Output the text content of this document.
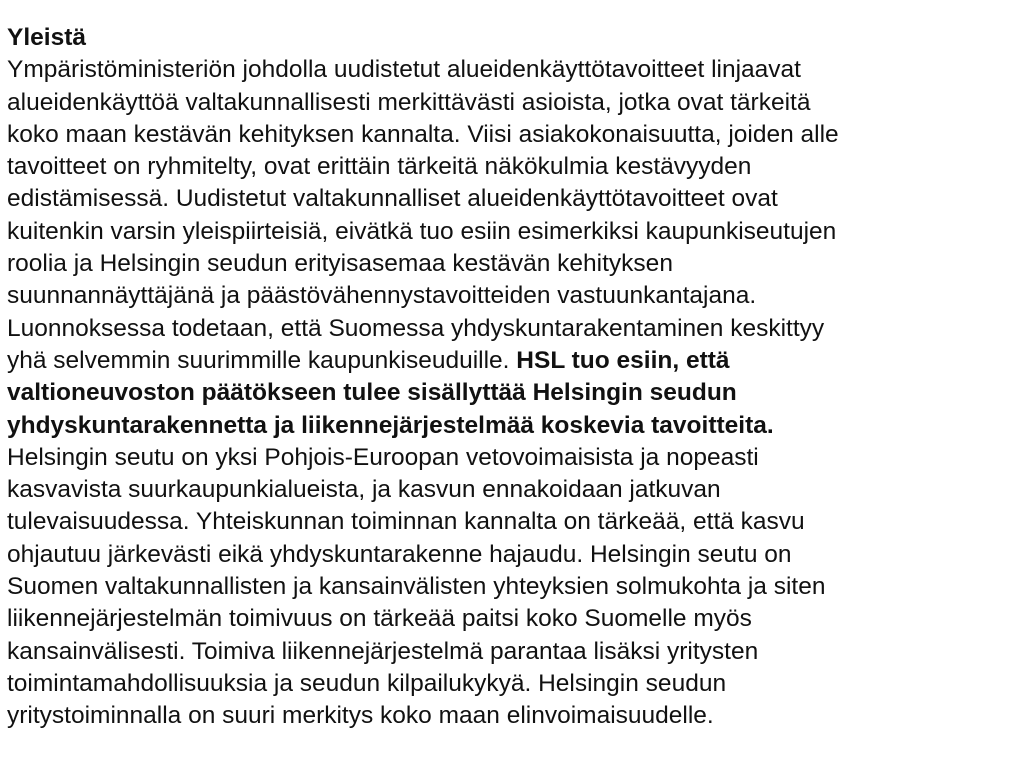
Yleistä
Ympäristöministeriön johdolla uudistetut alueidenkäyttötavoitteet linjaavat
alueidenkäyttöä valtakunnallisesti merkittävästi asioista, jotka ovat tärkeitä
koko maan kestävän kehityksen kannalta. Viisi asiakokonaisuutta, joiden alle
tavoitteet on ryhmitelty, ovat erittäin tärkeitä näkökulmia kestävyyden
edistämisessä. Uudistetut valtakunnalliset alueidenkäyttötavoitteet ovat
kuitenkin varsin yleispiirteisiä, eivätkä tuo esiin esimerkiksi kaupunkiseutujen
roolia ja Helsingin seudun erityisasemaa kestävän kehityksen
suunnannäyttäjänä ja päästövähennystavoitteiden vastuunkantajana.
Luonnoksessa todetaan, että Suomessa yhdyskuntarakentaminen keskittyy
yhä selvemmin suurimmille kaupunkiseuduille. HSL tuo esiin, että
valtioneuvoston päätökseen tulee sisällyttää Helsingin seudun
yhdyskuntarakennetta ja liikennejärjestelmää koskevia tavoitteita.
Helsingin seutu on yksi Pohjois-Euroopan vetovoimaisista ja nopeasti
kasvavista suurkaupunkialueista, ja kasvun ennakoidaan jatkuvan
tulevaisuudessa. Yhteiskunnan toiminnan kannalta on tärkeää, että kasvu
ohjautuu järkevästi eikä yhdyskuntarakenne hajaudu. Helsingin seutu on
Suomen valtakunnallisten ja kansainvälisten yhteyksien solmukohta ja siten
liikennejärjestelmän toimivuus on tärkeää paitsi koko Suomelle myös
kansainvälisesti. Toimiva liikennejärjestelmä parantaa lisäksi yritysten
toimintamahdollisuuksia ja seudun kilpailukykyä. Helsingin seudun
yritystoiminnalla on suuri merkitys koko maan elinvoimaisuudelle.
